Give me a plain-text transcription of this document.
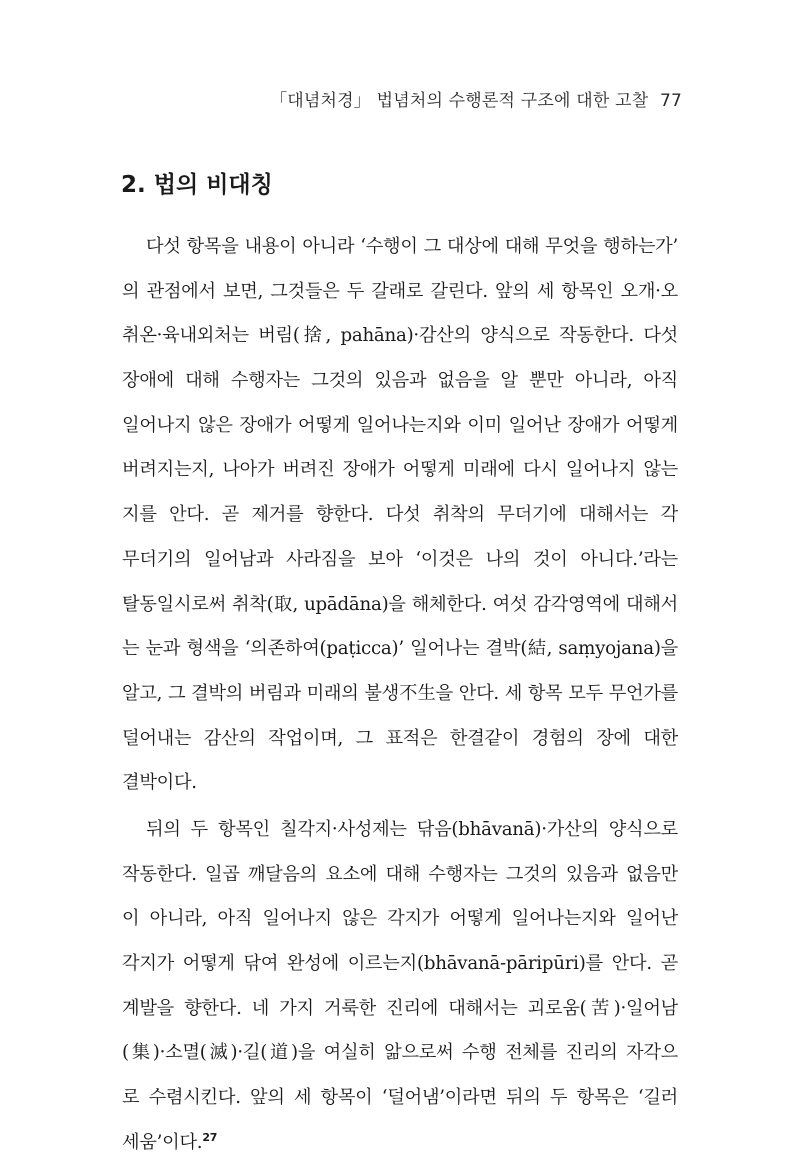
「대념처경」 법념처의 수행론적 구조에 대한 고찰 77
2. 법의 비대칭
다섯 항목을 내용이 아니라 ‘수행이 그 대상에 대해 무엇을 행하는가’
의 관점에서 보면, 그것들은 두 갈래로 갈린다. 앞의 세 항목인 오개·오
취온·육내외처는 버림(捨, pahāna)·감산의 양식으로 작동한다. 다섯
장애에 대해 수행자는 그것의 있음과 없음을 알 뿐만 아니라, 아직
일어나지 않은 장애가 어떻게 일어나는지와 이미 일어난 장애가 어떻게
버려지는지, 나아가 버려진 장애가 어떻게 미래에 다시 일어나지 않는
지를 안다. 곧 제거를 향한다. 다섯 취착의 무더기에 대해서는 각
무더기의 일어남과 사라짐을 보아 ‘이것은 나의 것이 아니다.’라는
탈동일시로써 취착(取, upādāna)을 해체한다. 여섯 감각영역에 대해서
는 눈과 형색을 ‘의존하여(paṭicca)’ 일어나는 결박(結, saṃyojana)을
알고, 그 결박의 버림과 미래의 불생不生을 안다. 세 항목 모두 무언가를
덜어내는 감산의 작업이며, 그 표적은 한결같이 경험의 장에 대한
결박이다.
뒤의 두 항목인 칠각지·사성제는 닦음(bhāvanā)·가산의 양식으로
작동한다. 일곱 깨달음의 요소에 대해 수행자는 그것의 있음과 없음만
이 아니라, 아직 일어나지 않은 각지가 어떻게 일어나는지와 일어난
각지가 어떻게 닦여 완성에 이르는지(bhāvanā-pāripūri)를 안다. 곧
계발을 향한다. 네 가지 거룩한 진리에 대해서는 괴로움(苦)·일어남
(集)·소멸(滅)·길(道)을 여실히 앎으로써 수행 전체를 진리의 자각으
로 수렴시킨다. 앞의 세 항목이 ‘덜어냄’이라면 뒤의 두 항목은 ‘길러
세움’이다.$^{27}$
